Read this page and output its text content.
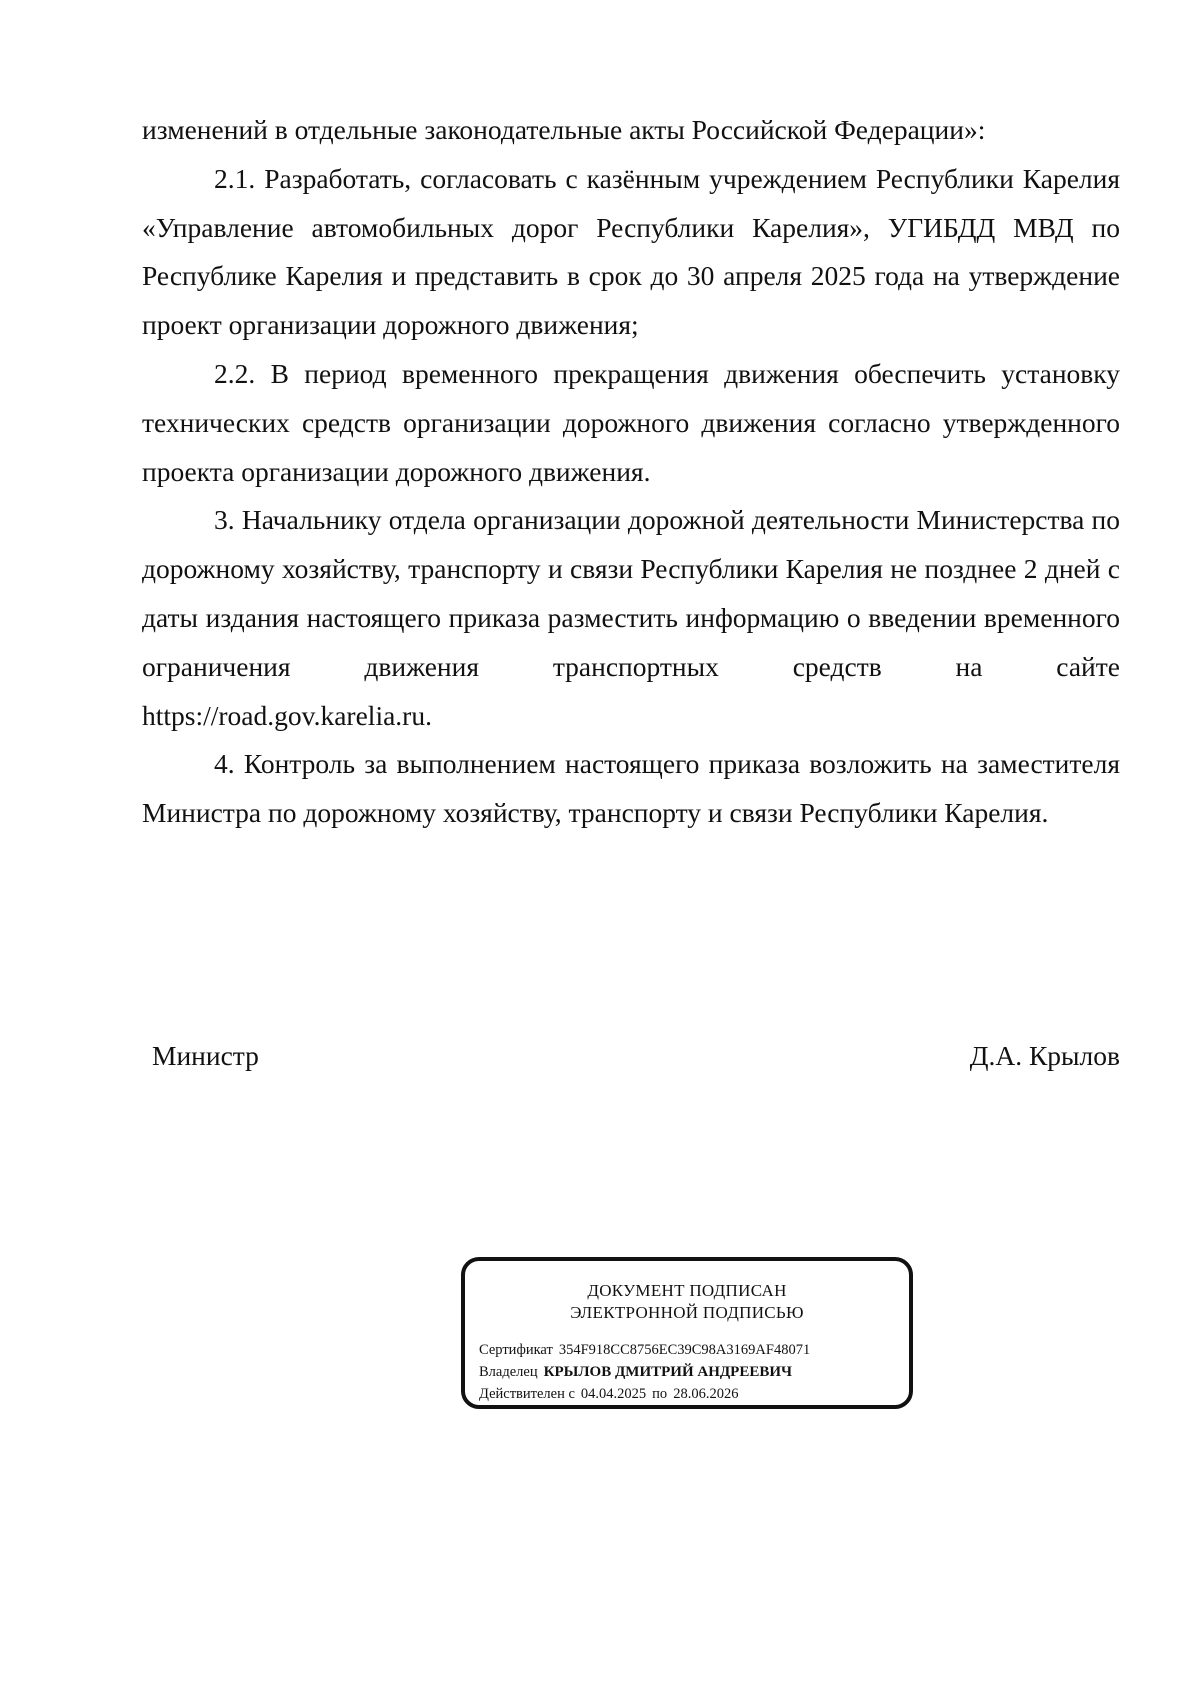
изменений в отдельные законодательные акты Российской Федерации»:

2.1. Разработать, согласовать с казённым учреждением Республики Карелия «Управление автомобильных дорог Республики Карелия», УГИБДД МВД по Республике Карелия и представить в срок до 30 апреля 2025 года на утверждение проект организации дорожного движения;

2.2. В период временного прекращения движения обеспечить установку технических средств организации дорожного движения согласно утвержденного проекта организации дорожного движения.

3. Начальнику отдела организации дорожной деятельности Министерства по дорожному хозяйству, транспорту и связи Республики Карелия не позднее 2 дней с даты издания настоящего приказа разместить информацию о введении временного ограничения движения транспортных средств на сайте

https://road.gov.karelia.ru.

4. Контроль за выполнением настоящего приказа возложить на заместителя Министра по дорожному хозяйству, транспорту и связи Республики Карелия.

Министр	Д.А. Крылов
ДОКУМЕНТ ПОДПИСАН
ЭЛЕКТРОННОЙ ПОДПИСЬЮ
Сертификат 354F918CC8756EC39C98A3169AF48071
Владелец КРЫЛОВ ДМИТРИЙ АНДРЕЕВИЧ
Действителен с 04.04.2025 по 28.06.2026
